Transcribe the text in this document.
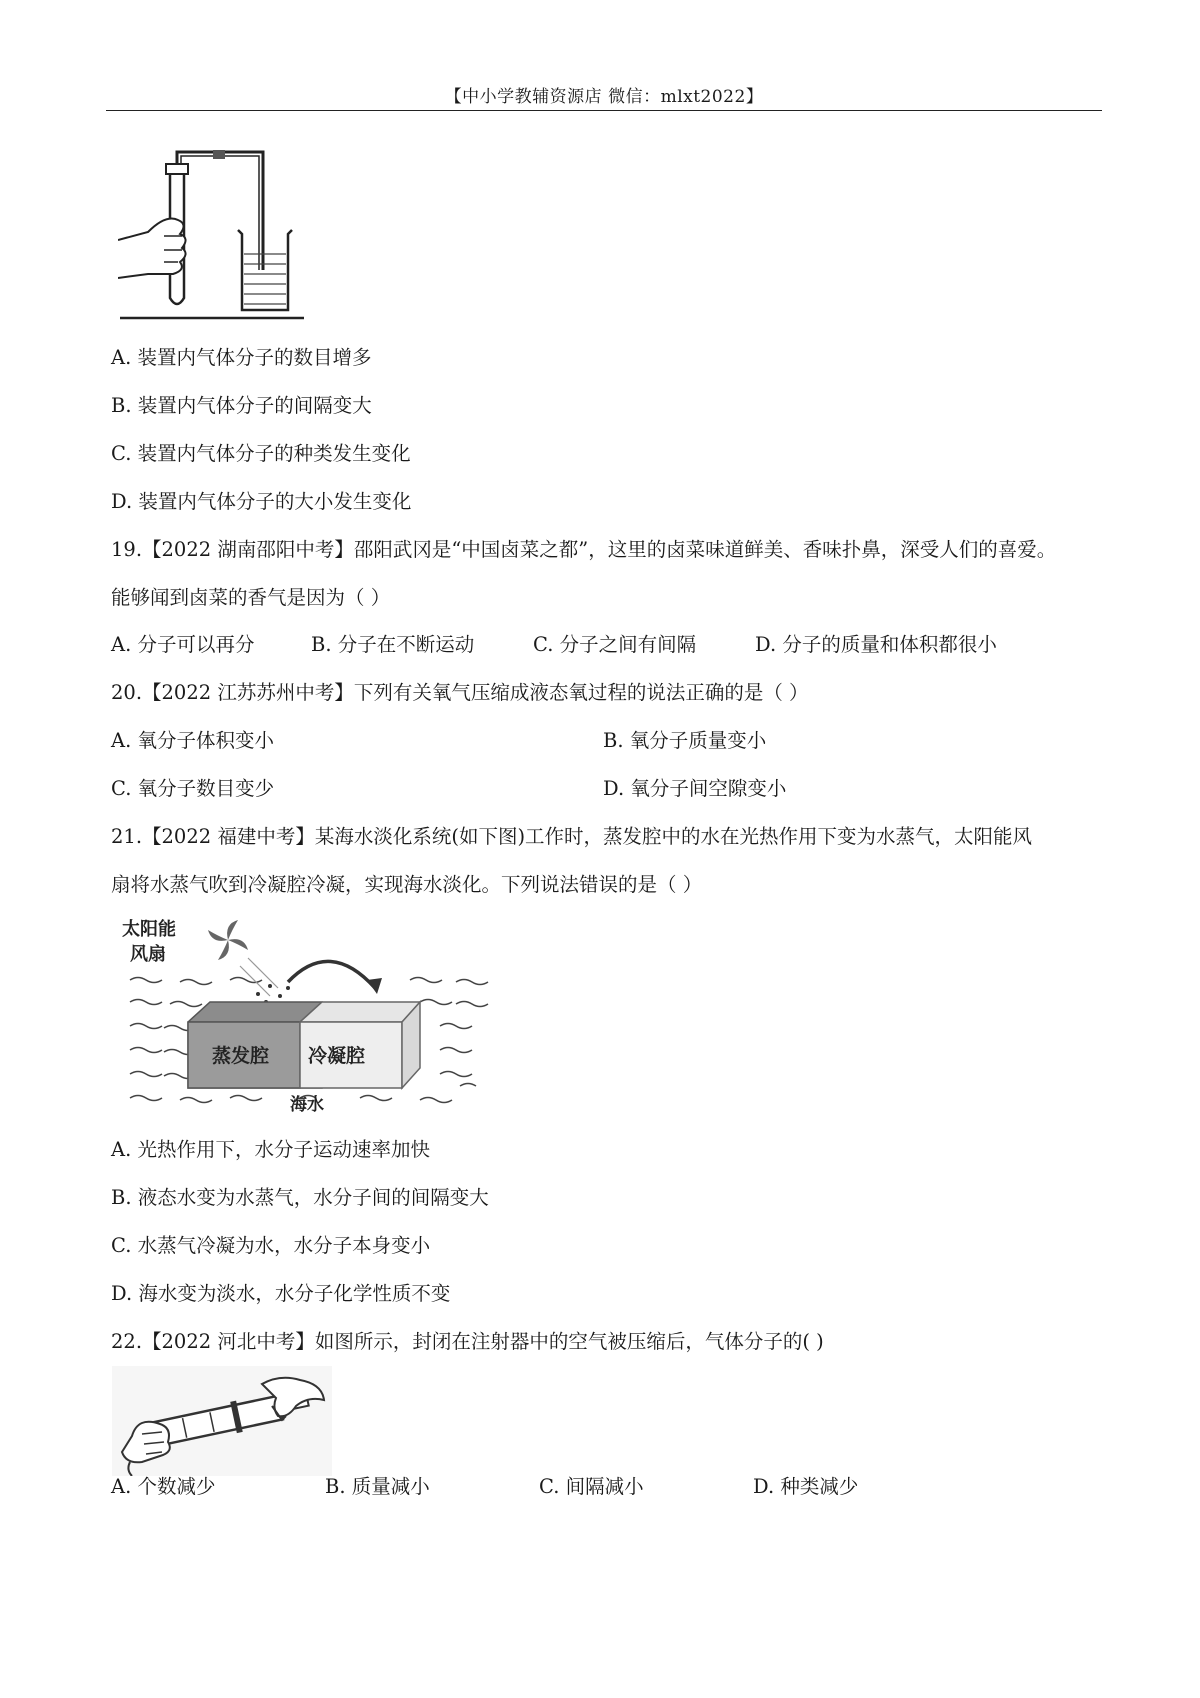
【中小学教辅资源店 微信：mlxt2022】
A. 装置内气体分子的数目增多
B. 装置内气体分子的间隔变大
C. 装置内气体分子的种类发生变化
D. 装置内气体分子的大小发生变化
19.【2022 湖南邵阳中考】邵阳武冈是“中国卤菜之都”，这里的卤菜味道鲜美、香味扑鼻，深受人们的喜爱。
能够闻到卤菜的香气是因为（ ）
A. 分子可以再分	B. 分子在不断运动	C. 分子之间有间隔	D. 分子的质量和体积都很小
20.【2022 江苏苏州中考】下列有关氧气压缩成液态氧过程的说法正确的是（ ）
A. 氧分子体积变小	B. 氧分子质量变小
C. 氧分子数目变少	D. 氧分子间空隙变小
21.【2022 福建中考】某海水淡化系统(如下图)工作时，蒸发腔中的水在光热作用下变为水蒸气，太阳能风
扇将水蒸气吹到冷凝腔冷凝，实现海水淡化。下列说法错误的是（ ）
太阳能
风扇
蒸发腔 冷凝腔
海水
A. 光热作用下，水分子运动速率加快
B. 液态水变为水蒸气，水分子间的间隔变大
C. 水蒸气冷凝为水，水分子本身变小
D. 海水变为淡水，水分子化学性质不变
22.【2022 河北中考】如图所示，封闭在注射器中的空气被压缩后，气体分子的( )
A. 个数减少	B. 质量减小	C. 间隔减小	D. 种类减少
